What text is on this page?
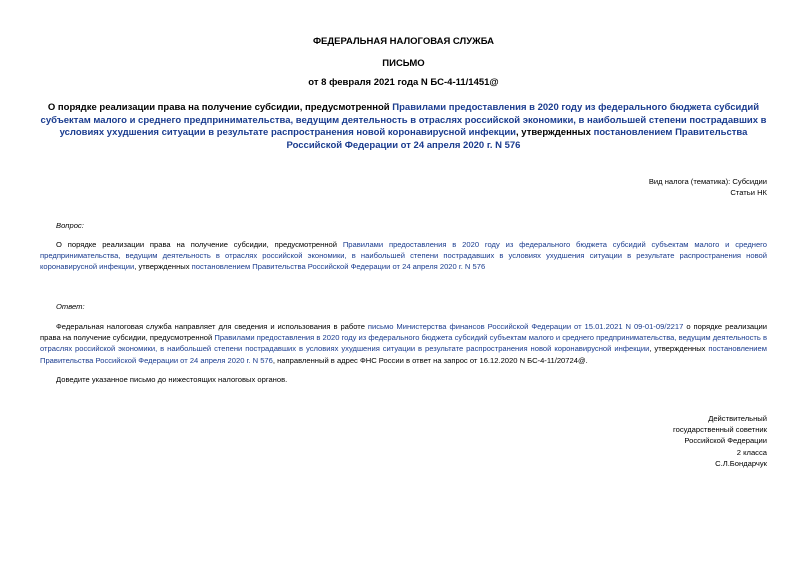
ФЕДЕРАЛЬНАЯ НАЛОГОВАЯ СЛУЖБА
ПИСЬМО
от 8 февраля 2021 года N БС-4-11/1451@
О порядке реализации права на получение субсидии, предусмотренной Правилами предоставления в 2020 году из федерального бюджета субсидий субъектам малого и среднего предпринимательства, ведущим деятельность в отраслях российской экономики, в наибольшей степени пострадавших в условиях ухудшения ситуации в результате распространения новой коронавирусной инфекции, утвержденных постановлением Правительства Российской Федерации от 24 апреля 2020 г. N 576
Вид налога (тематика): Субсидии
Статьи НК
Вопрос:
О порядке реализации права на получение субсидии, предусмотренной Правилами предоставления в 2020 году из федерального бюджета субсидий субъектам малого и среднего предпринимательства, ведущим деятельность в отраслях российской экономики, в наибольшей степени пострадавших в условиях ухудшения ситуации в результате распространения новой коронавирусной инфекции, утвержденных постановлением Правительства Российской Федерации от 24 апреля 2020 г. N 576
Ответ:
Федеральная налоговая служба направляет для сведения и использования в работе письмо Министерства финансов Российской Федерации от 15.01.2021 N 09-01-09/2217 о порядке реализации права на получение субсидии, предусмотренной Правилами предоставления в 2020 году из федерального бюджета субсидий субъектам малого и среднего предпринимательства, ведущим деятельность в отраслях российской экономики, в наибольшей степени пострадавших в условиях ухудшения ситуации в результате распространения новой коронавирусной инфекции, утвержденных постановлением Правительства Российской Федерации от 24 апреля 2020 г. N 576, направленный в адрес ФНС России в ответ на запрос от 16.12.2020 N БС-4-11/20724@.
Доведите указанное письмо до нижестоящих налоговых органов.
Действительный
государственный советник
Российской Федерации
2 класса
С.Л.Бондарчук
